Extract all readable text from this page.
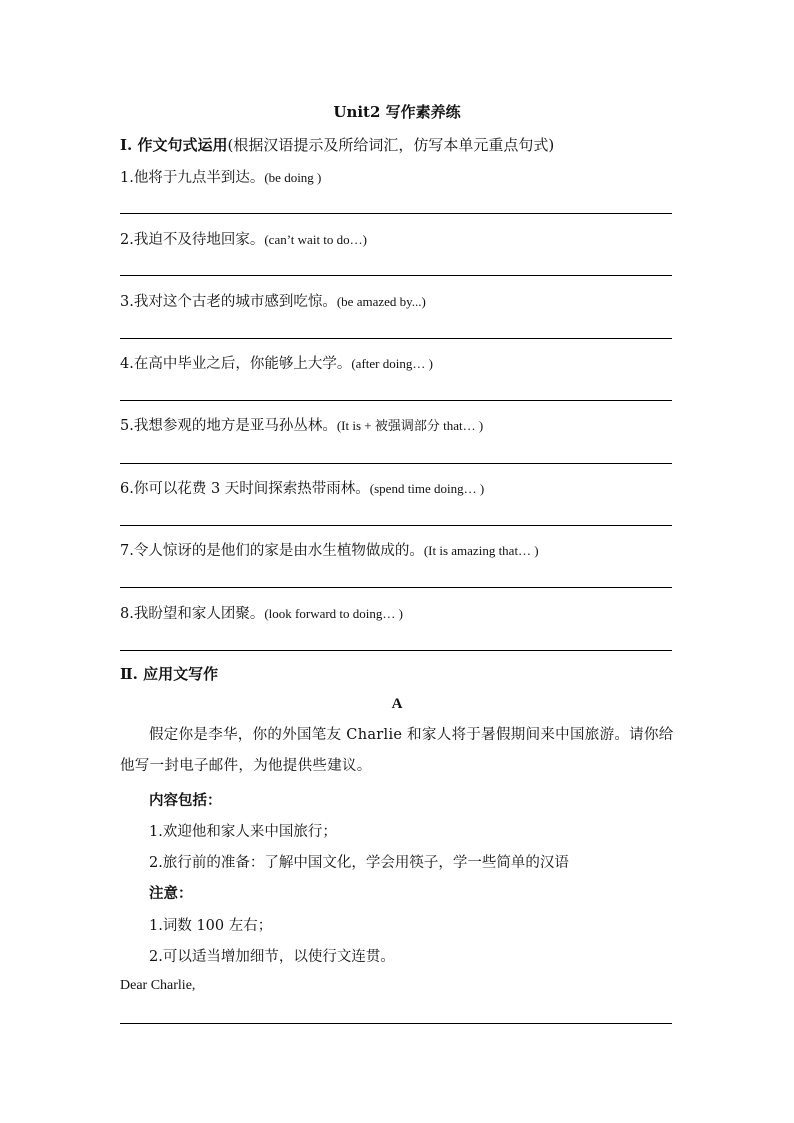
Unit2 写作素养练
Ⅰ. 作文句式运用(根据汉语提示及所给词汇，仿写本单元重点句式)
1.他将于九点半到达。(be doing )
2.我迫不及待地回家。(can’t wait to do…)
3.我对这个古老的城市感到吃惊。(be amazed by...)
4.在高中毕业之后，你能够上大学。(after doing… )
5.我想参观的地方是亚马孙丛林。(It is + 被强调部分 that… )
6.你可以花费 3 天时间探索热带雨林。(spend time doing… )
7.令人惊讶的是他们的家是由水生植物做成的。(It is amazing that… )
8.我盼望和家人团聚。(look forward to doing… )
Ⅱ. 应用文写作
A
假定你是李华，你的外国笔友 Charlie 和家人将于暑假期间来中国旅游。请你给他写一封电子邮件，为他提供些建议。
内容包括：
1.欢迎他和家人来中国旅行；
2.旅行前的准备：了解中国文化，学会用筷子，学一些简单的汉语
注意：
1.词数 100 左右；
2.可以适当增加细节，以使行文连贯。
Dear Charlie,
